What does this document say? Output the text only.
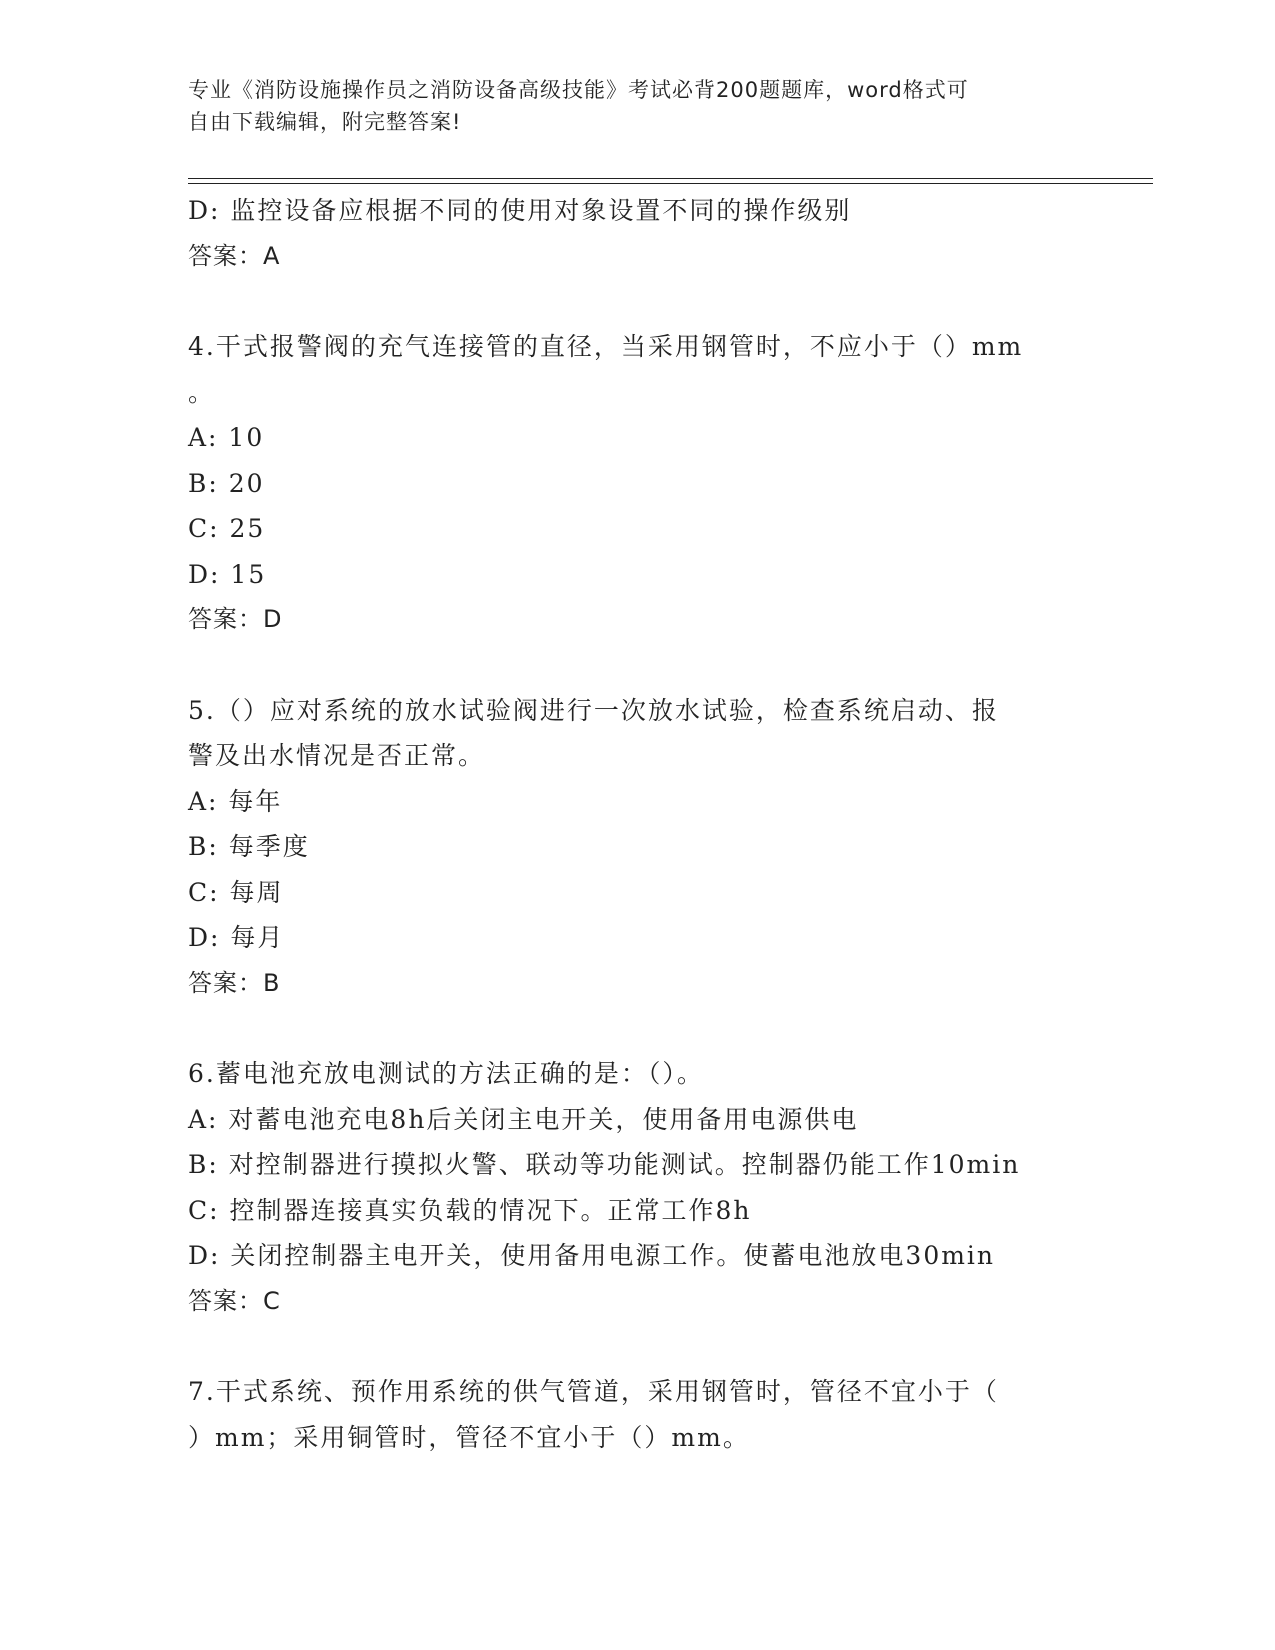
专业《消防设施操作员之消防设备高级技能》考试必背200题题库，word格式可
自由下载编辑，附完整答案!
D: 监控设备应根据不同的使用对象设置不同的操作级别
答案：A
4.干式报警阀的充气连接管的直径，当采用钢管时，不应小于（）mm
。
A: 10
B: 20
C: 25
D: 15
答案：D
5.（）应对系统的放水试验阀进行一次放水试验，检查系统启动、报
警及出水情况是否正常。
A: 每年
B: 每季度
C: 每周
D: 每月
答案：B
6.蓄电池充放电测试的方法正确的是：（）。
A: 对蓄电池充电8h后关闭主电开关，使用备用电源供电
B: 对控制器进行摸拟火警、联动等功能测试。控制器仍能工作10min
C: 控制器连接真实负载的情况下。正常工作8h
D: 关闭控制器主电开关，使用备用电源工作。使蓄电池放电30min
答案：C
7.干式系统、预作用系统的供气管道，采用钢管时，管径不宜小于（
）mm；采用铜管时，管径不宜小于（）mm。
